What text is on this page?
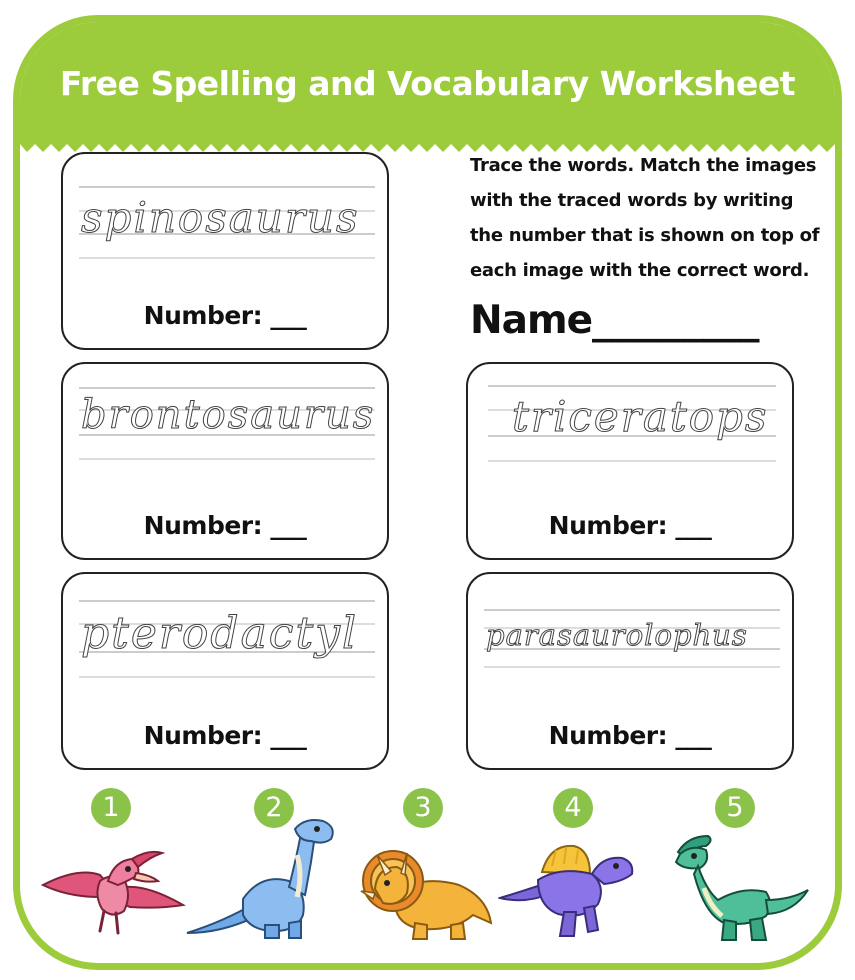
Free Spelling and Vocabulary Worksheet
spinosaurus
Number: ___
brontosaurus
Number: ___
triceratops
Number: ___
pterodactyl
Number: ___
parasaurolophus
Number: ___
Trace the words. Match the images with the traced words by writing the number that is shown on top of each image with the correct word.
Name_________
1	2	3	4	5
